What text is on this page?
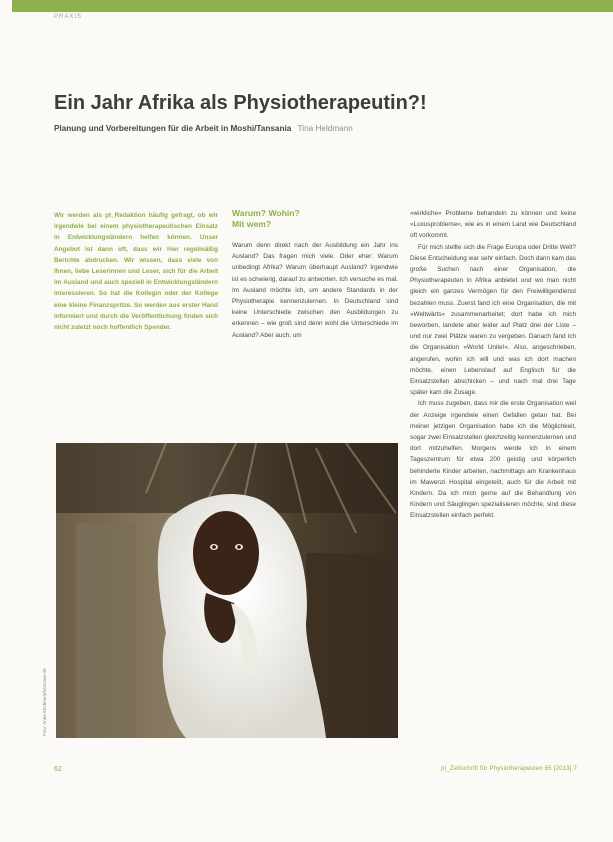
PRAXIS
Ein Jahr Afrika als Physiotherapeutin?!
Planung und Vorbereitungen für die Arbeit in Moshi/Tansania Tina Heldmann

Wir werden als pt_Redaktion häufig gefragt, ob wir irgendwie bei einem physiotherapeutischen Einsatz in Entwicklungsländern helfen können. Unser Angebot ist dann oft, dass wir hier regelmäßig Berichte abdrucken. Wir wissen, dass viele von Ihnen, liebe Leserinnen und Leser, sich für die Arbeit im Ausland und auch speziell in Entwicklungsländern interessieren. So hat die Kollegin oder der Kollege eine kleine Finanzspritze. So werden aus erster Hand informiert und durch die Veröffentlichung finden sich nicht zuletzt noch hoffentlich Spender.

Warum? Wohin?
Mit wem?

Warum denn direkt nach der Ausbildung ein Jahr ins Ausland? Das fragen mich viele. Oder eher: Warum unbedingt Afrika? Warum überhaupt Ausland? Irgendwie ist es schwierig, darauf zu antworten. Ich versuche es mal. Im Ausland möchte ich, um andere Standards in der Physiotherapie kennenzulernen. In Deutschland sind keine Unterschiede zwischen den Ausbildungen zu erkennen – wie groß sind denn wohl die Unterschiede im Ausland? Aber auch, um

»wirkliche« Probleme behandeln zu können und keine »Luxusprobleme«, wie es in einem Land wie Deutschland oft vorkommt.

Für mich stellte sich die Frage Europa oder Dritte Welt? Diese Entscheidung war sehr einfach. Doch dann kam das große Suchen nach einer Organisation, die Physiotherapeuten in Afrika anbietet und wo man nicht gleich ein ganzes Vermögen für den Freiwilligendienst bezahlen muss. Zuerst fand ich eine Organisation, die mit »Weltwärts« zusammenarbeitet; dort habe ich mich beworben, landete aber leider auf Platz drei der Liste – und nur zwei Plätze waren zu vergeben. Danach fand ich die Organisation »World Unite!«. Also, angeschrieben, angerufen, wohin ich will und was ich dort machen möchte, einen Lebenslauf auf Englisch für die Einsatzstellen abschicken – und nach mal drei Tage später kam die Zusage.

Ich muss zugeben, dass mir die erste Organisation weil der Anzeige irgendwie einen Gefallen getan hat. Bei meiner jetzigen Organisation habe ich die Möglichkeit, sogar zwei Einsatzstellen gleichzeitig kennenzulernen und dort mitzuhelfen. Morgens werde ich in einem Tageszentrum für etwa 200 geistig und körperlich behinderte Kinder arbeiten, nachmittags am Krankenhaus im Mawenzi Hospital eingeteilt, auch für die Arbeit mit Kindern. Da ich mich gerne auf die Behandlung von Kindern und Säuglingen spezialisieren möchte, sind diese Einsatzstellen einfach perfekt.

Foto: Anna Kirchner/photocase.de
62	pt_Zeitschrift für Physiotherapeuten 65 [2013] 7
